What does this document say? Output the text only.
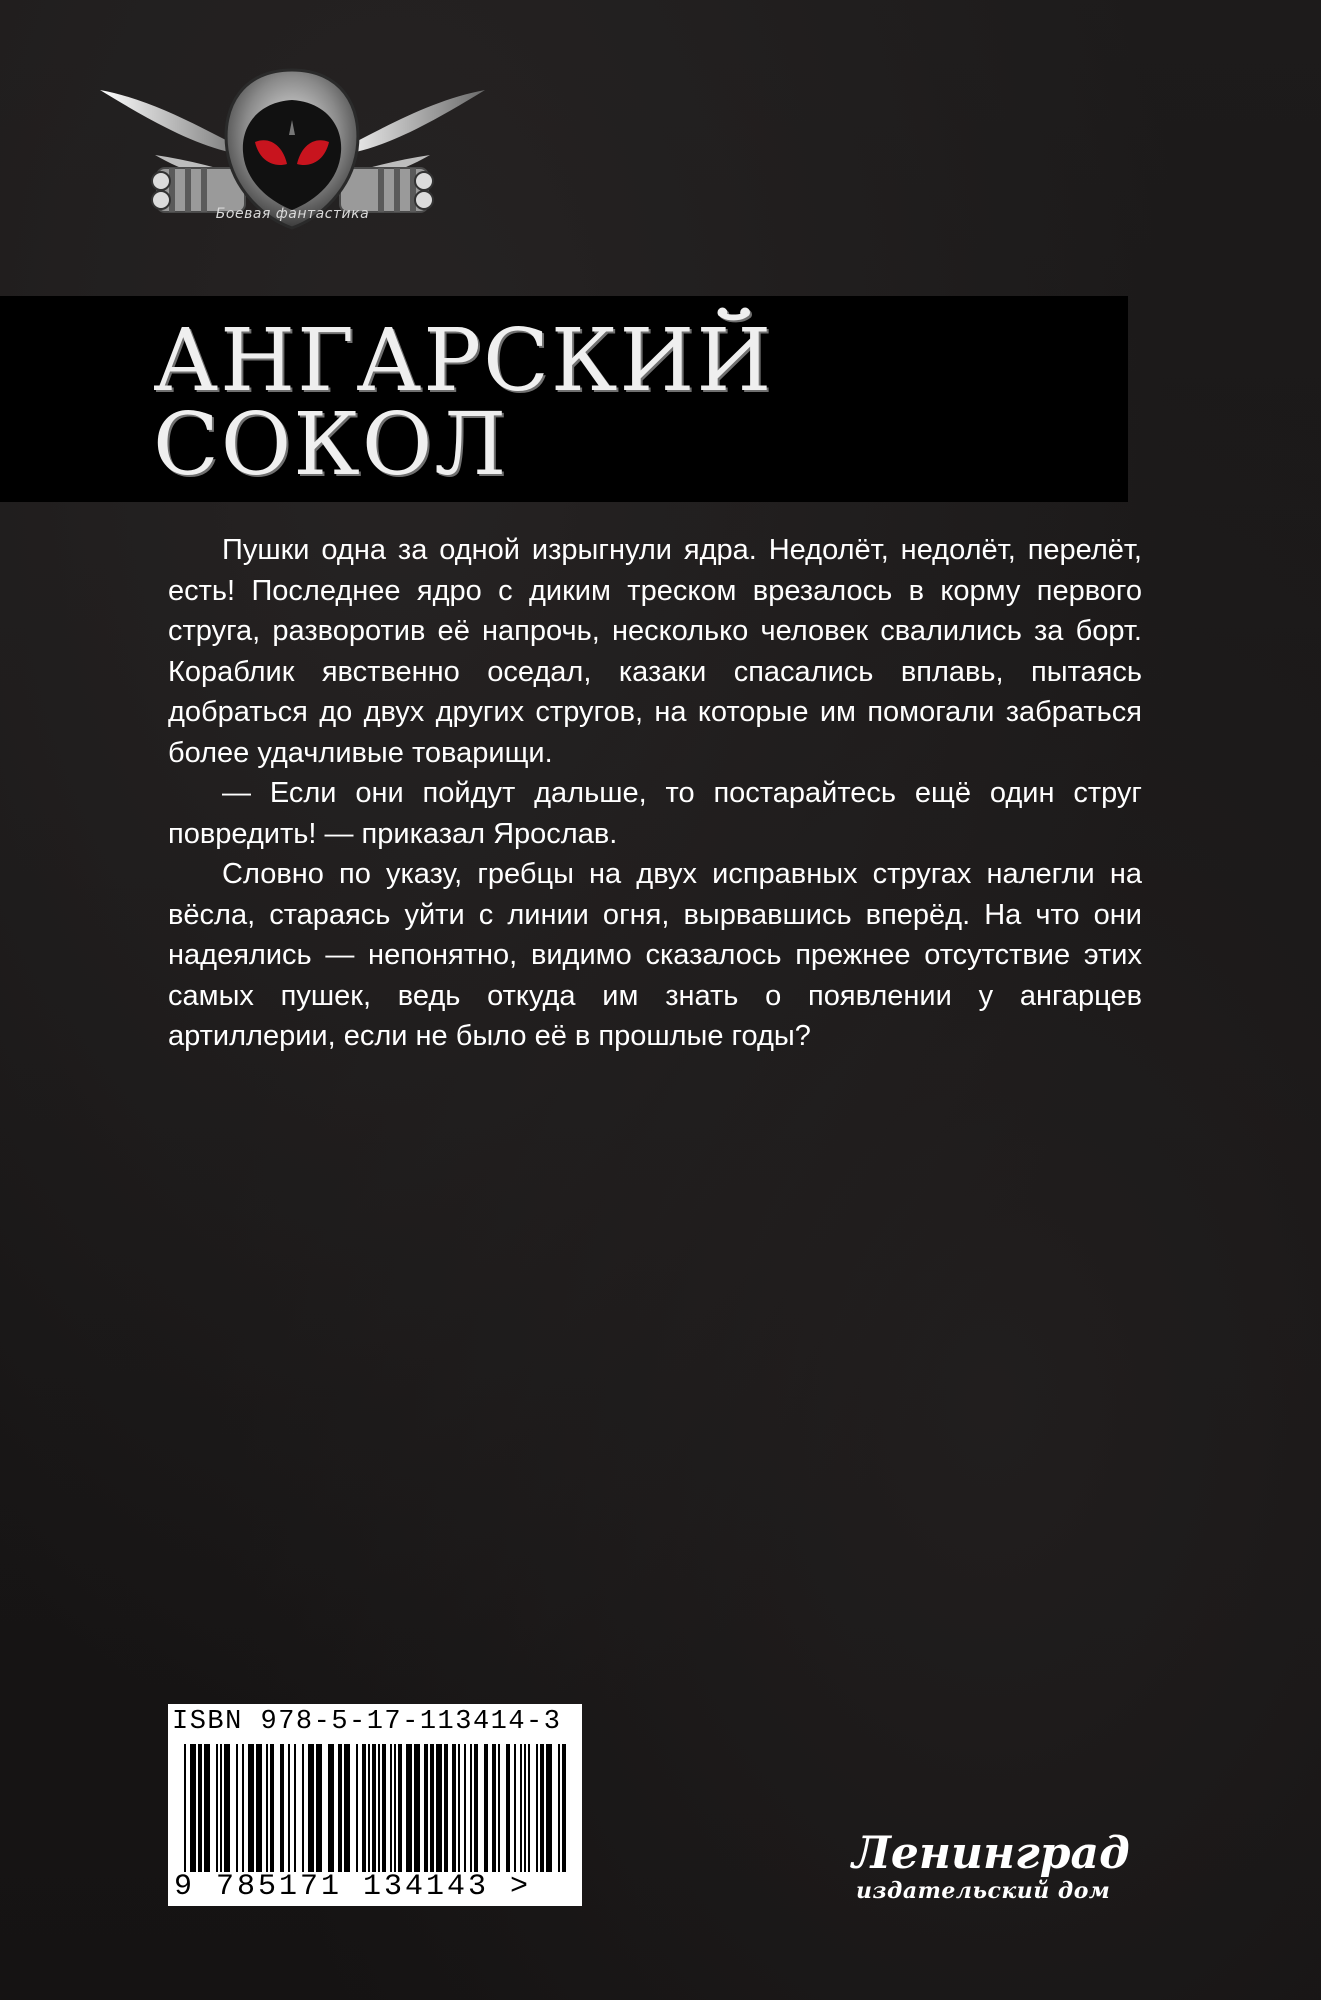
Боевая фантастика
АНГАРСКИЙ
СОКОЛ

Пушки одна за одной изрыгнули ядра. Недолёт, недолёт, перелёт, есть! Последнее ядро с диким треском врезалось в корму первого струга, разворотив её напрочь, несколько человек свалились за борт. Кораблик явственно оседал, казаки спасались вплавь, пытаясь добраться до двух других стругов, на которые им помогали забраться более удачливые товарищи.

— Если они пойдут дальше, то постарайтесь ещё один струг повредить! — приказал Ярослав.

Словно по указу, гребцы на двух исправных стругах налегли на вёсла, стараясь уйти с линии огня, вырвавшись вперёд. На что они надеялись — непонятно, видимо сказалось прежнее отсутствие этих самых пушек, ведь откуда им знать о появлении у ангарцев артиллерии, если не было её в прошлые годы?

ISBN 978-5-17-113414-3
9 785171 134143 >
Ленинград
издательский дом
